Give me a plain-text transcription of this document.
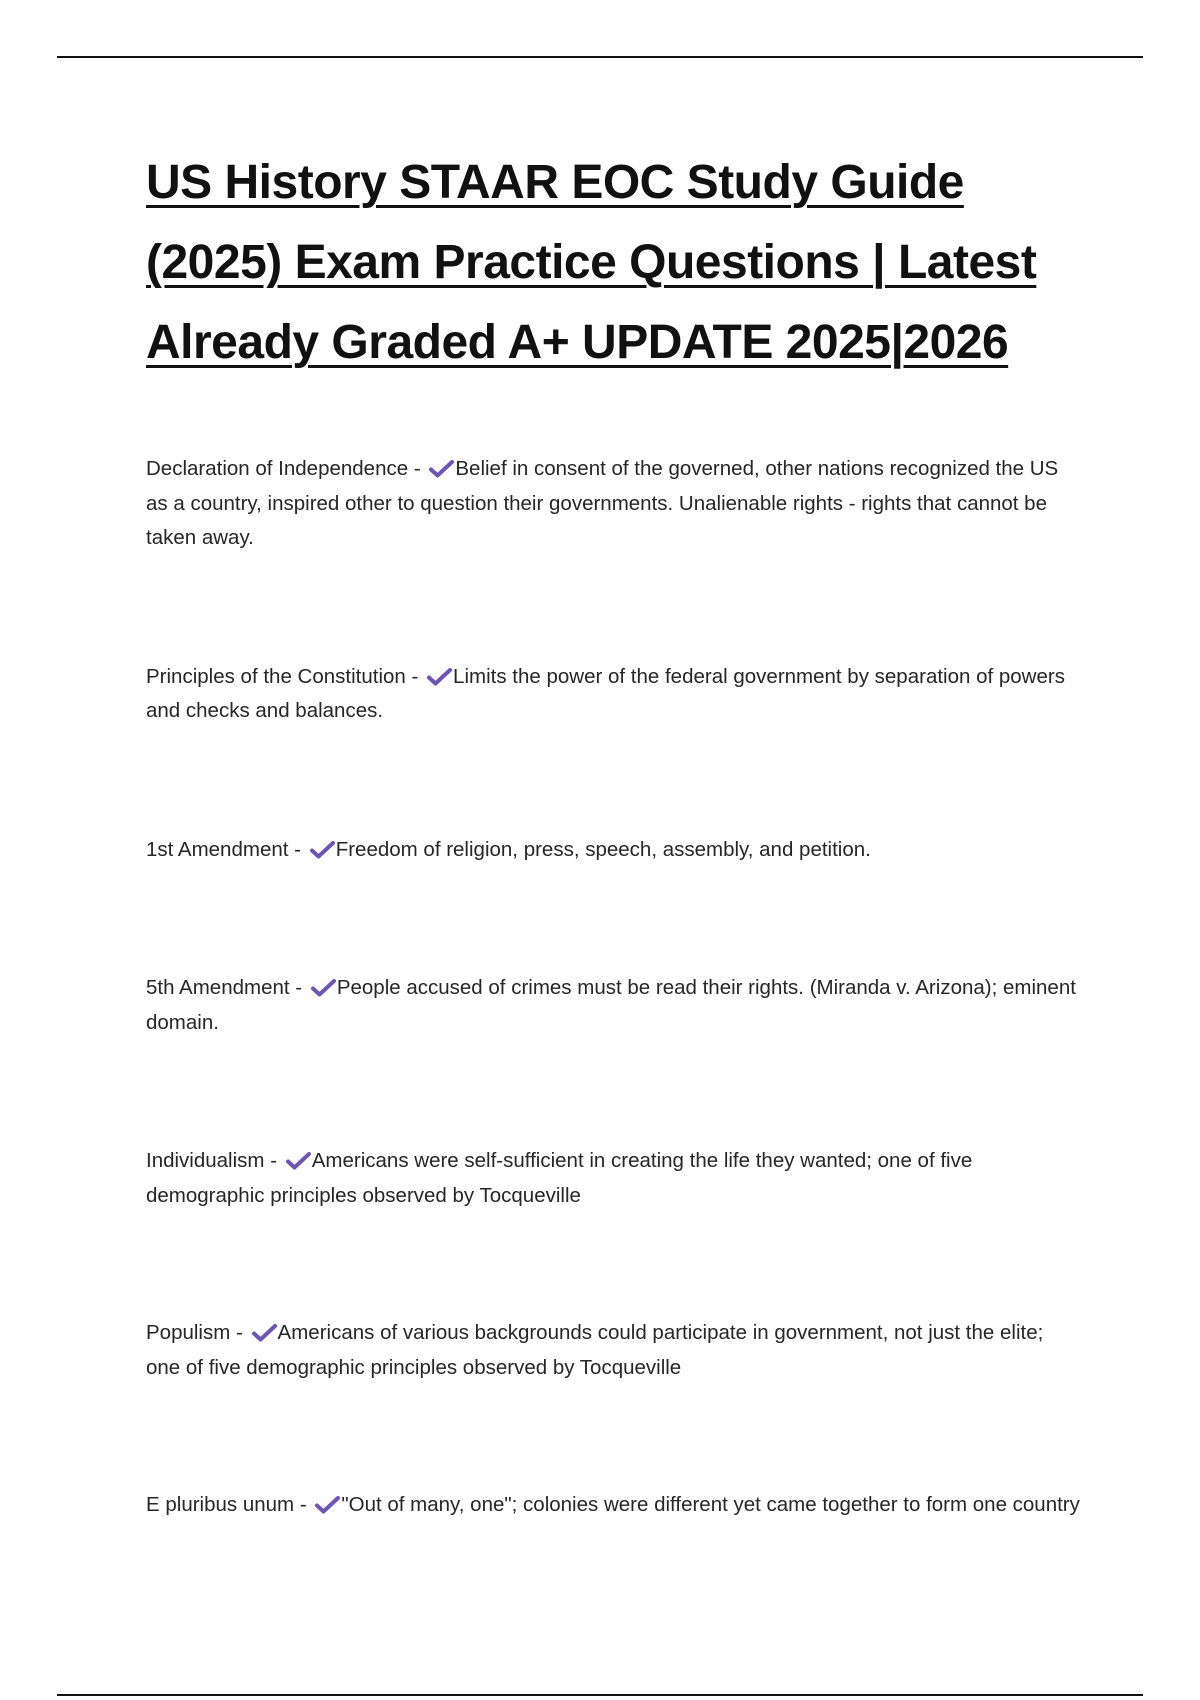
US History STAAR EOC Study Guide (2025) Exam Practice Questions | Latest Already Graded A+ UPDATE 2025|2026
Declaration of Independence - Belief in consent of the governed, other nations recognized the US as a country, inspired other to question their governments. Unalienable rights - rights that cannot be taken away.
Principles of the Constitution - Limits the power of the federal government by separation of powers and checks and balances.
1st Amendment - Freedom of religion, press, speech, assembly, and petition.
5th Amendment - People accused of crimes must be read their rights. (Miranda v. Arizona); eminent domain.
Individualism - Americans were self-sufficient in creating the life they wanted; one of five demographic principles observed by Tocqueville
Populism - Americans of various backgrounds could participate in government, not just the elite; one of five demographic principles observed by Tocqueville
E pluribus unum - "Out of many, one"; colonies were different yet came together to form one country
